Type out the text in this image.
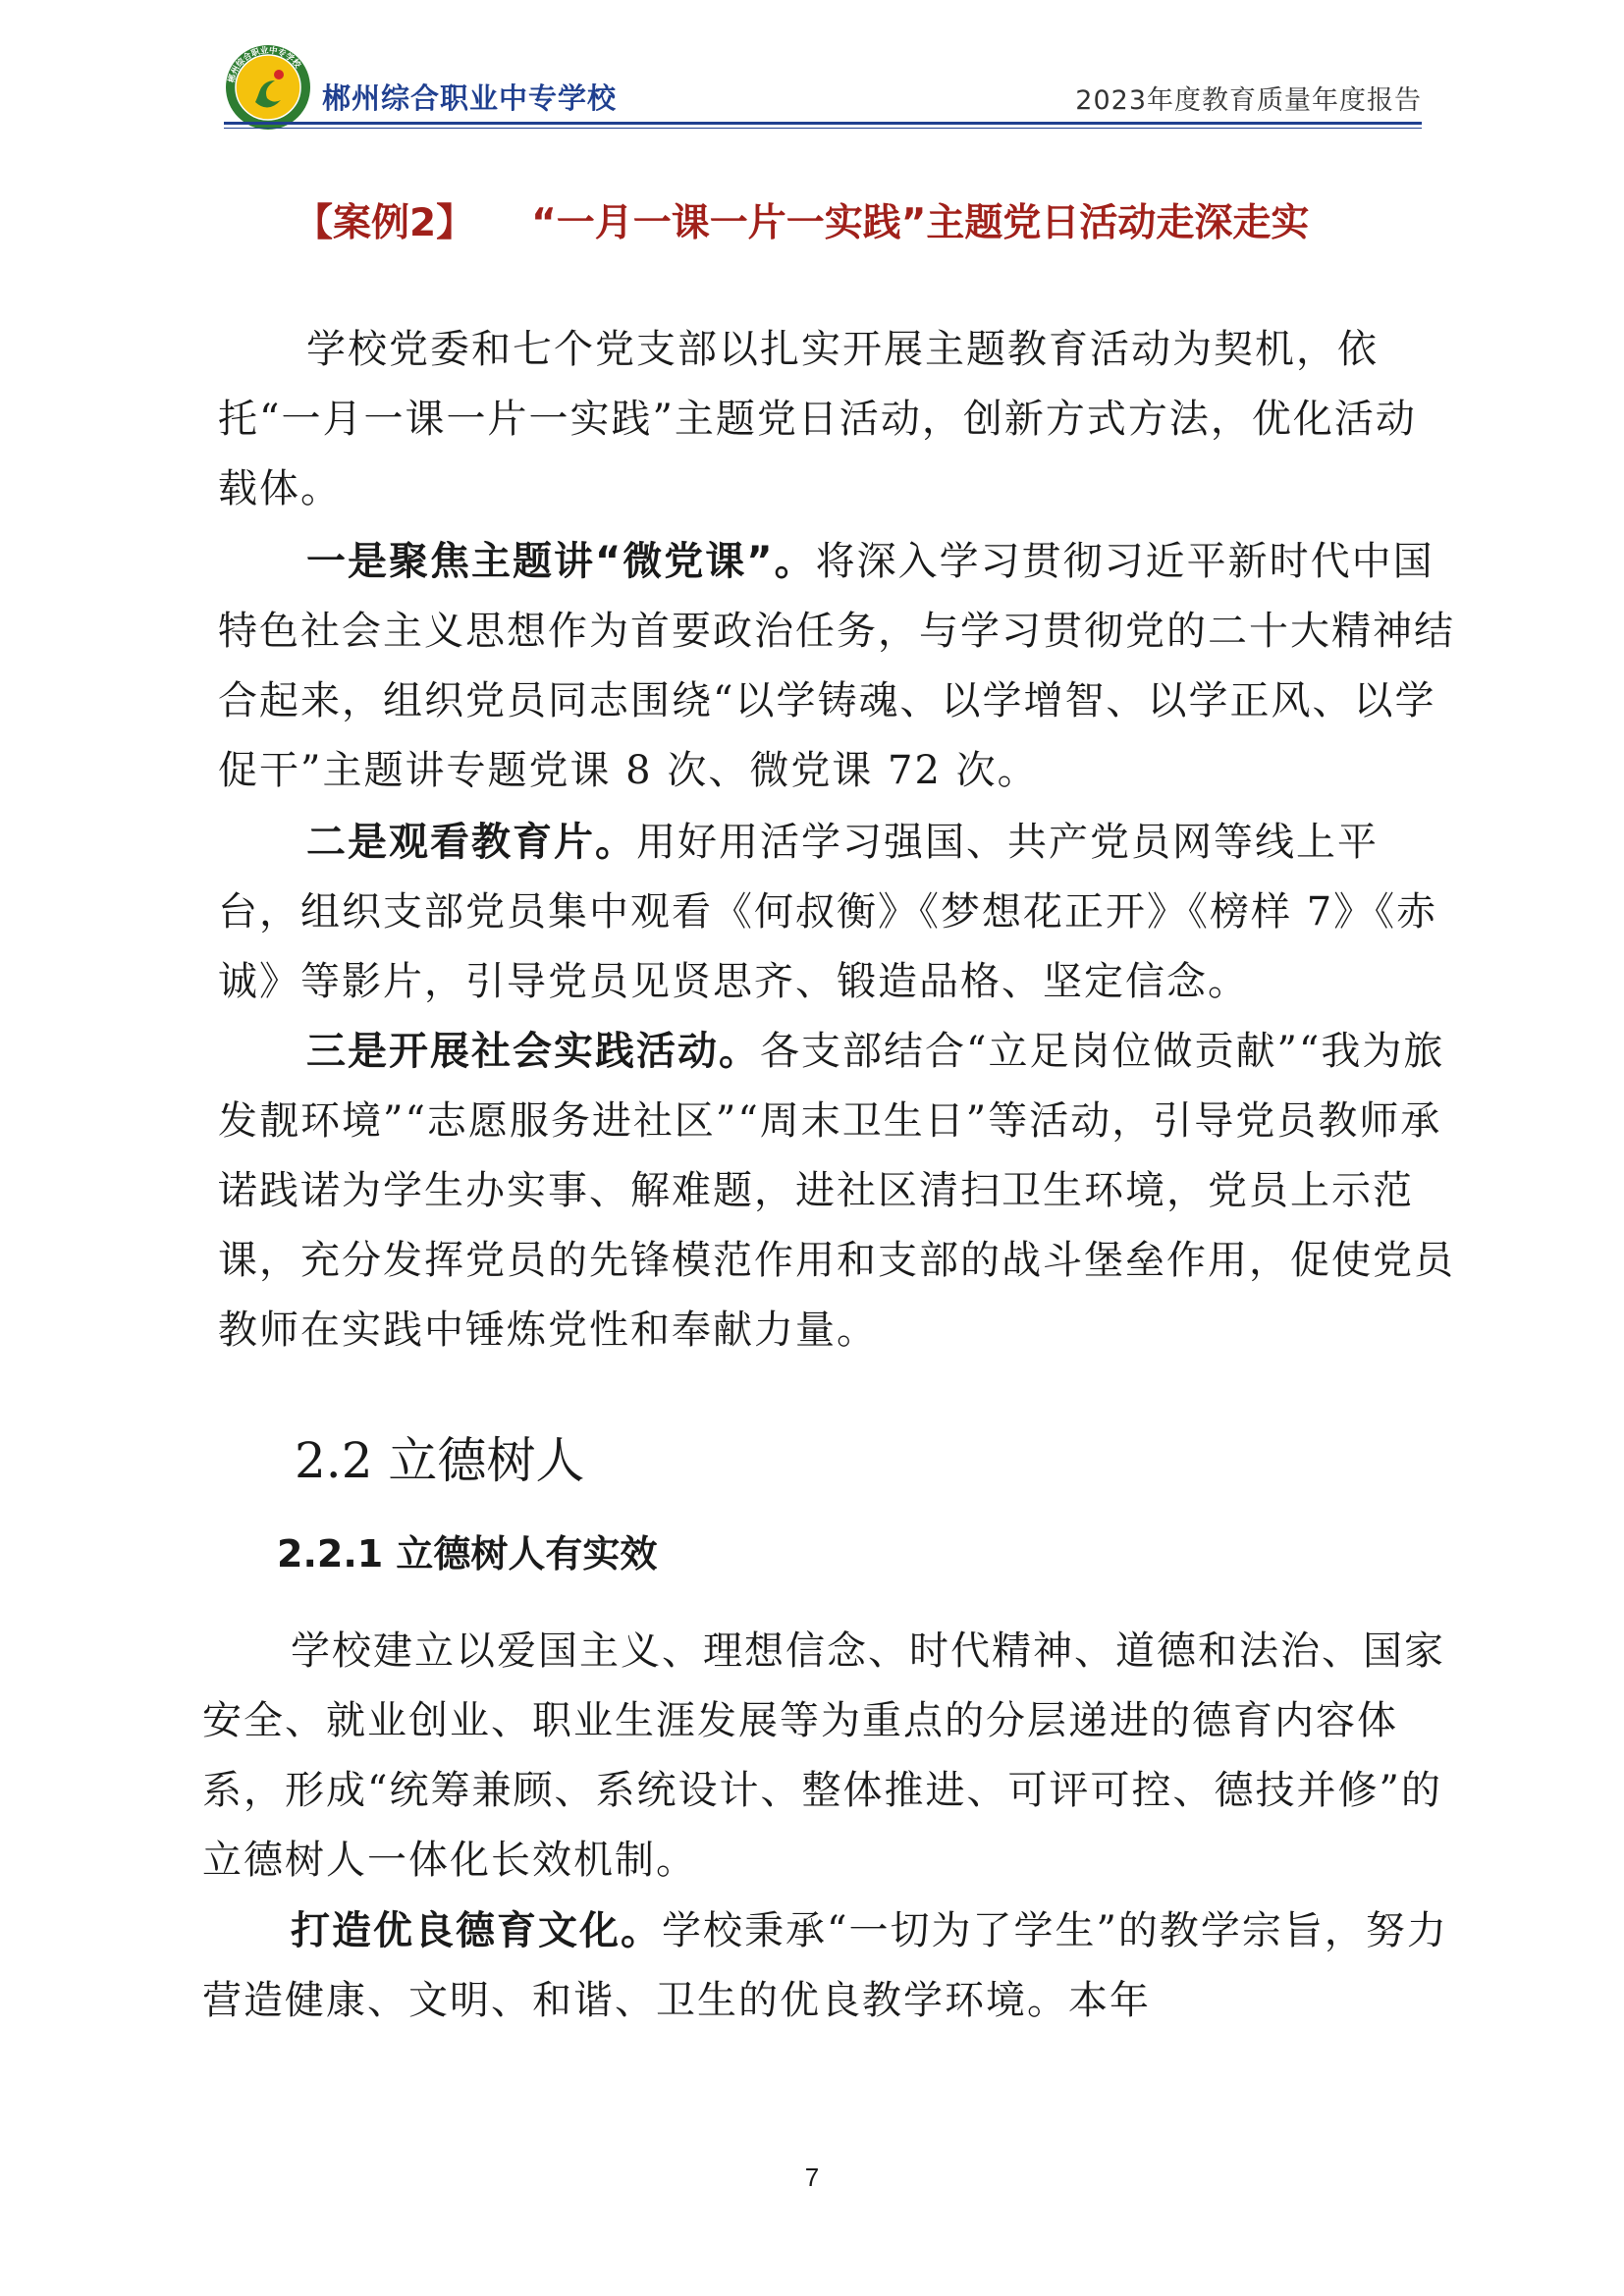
郴州综合职业中专学校
郴州综合职业中专学校	2023年度教育质量年度报告
【案例2】 “一月一课一片一实践”主题党日活动走深走实

学校党委和七个党支部以扎实开展主题教育活动为契机，依托“一月一课一片一实践”主题党日活动，创新方式方法，优化活动载体。

一是聚焦主题讲“微党课”。将深入学习贯彻习近平新时代中国特色社会主义思想作为首要政治任务，与学习贯彻党的二十大精神结合起来，组织党员同志围绕“以学铸魂、以学增智、以学正风、以学促干”主题讲专题党课 8 次、微党课 72 次。

二是观看教育片。用好用活学习强国、共产党员网等线上平台，组织支部党员集中观看《何叔衡》《梦想花正开》《榜样 7》《赤诚》等影片，引导党员见贤思齐、锻造品格、坚定信念。

三是开展社会实践活动。各支部结合“立足岗位做贡献”“我为旅发靓环境”“志愿服务进社区”“周末卫生日”等活动，引导党员教师承诺践诺为学生办实事、解难题，进社区清扫卫生环境，党员上示范课，充分发挥党员的先锋模范作用和支部的战斗堡垒作用，促使党员教师在实践中锤炼党性和奉献力量。

2.2 立德树人
2.2.1 立德树人有实效

学校建立以爱国主义、理想信念、时代精神、道德和法治、国家安全、就业创业、职业生涯发展等为重点的分层递进的德育内容体系，形成“统筹兼顾、系统设计、整体推进、可评可控、德技并修”的立德树人一体化长效机制。

打造优良德育文化。学校秉承“一切为了学生”的教学宗旨，努力营造健康、文明、和谐、卫生的优良教学环境。本年

7
